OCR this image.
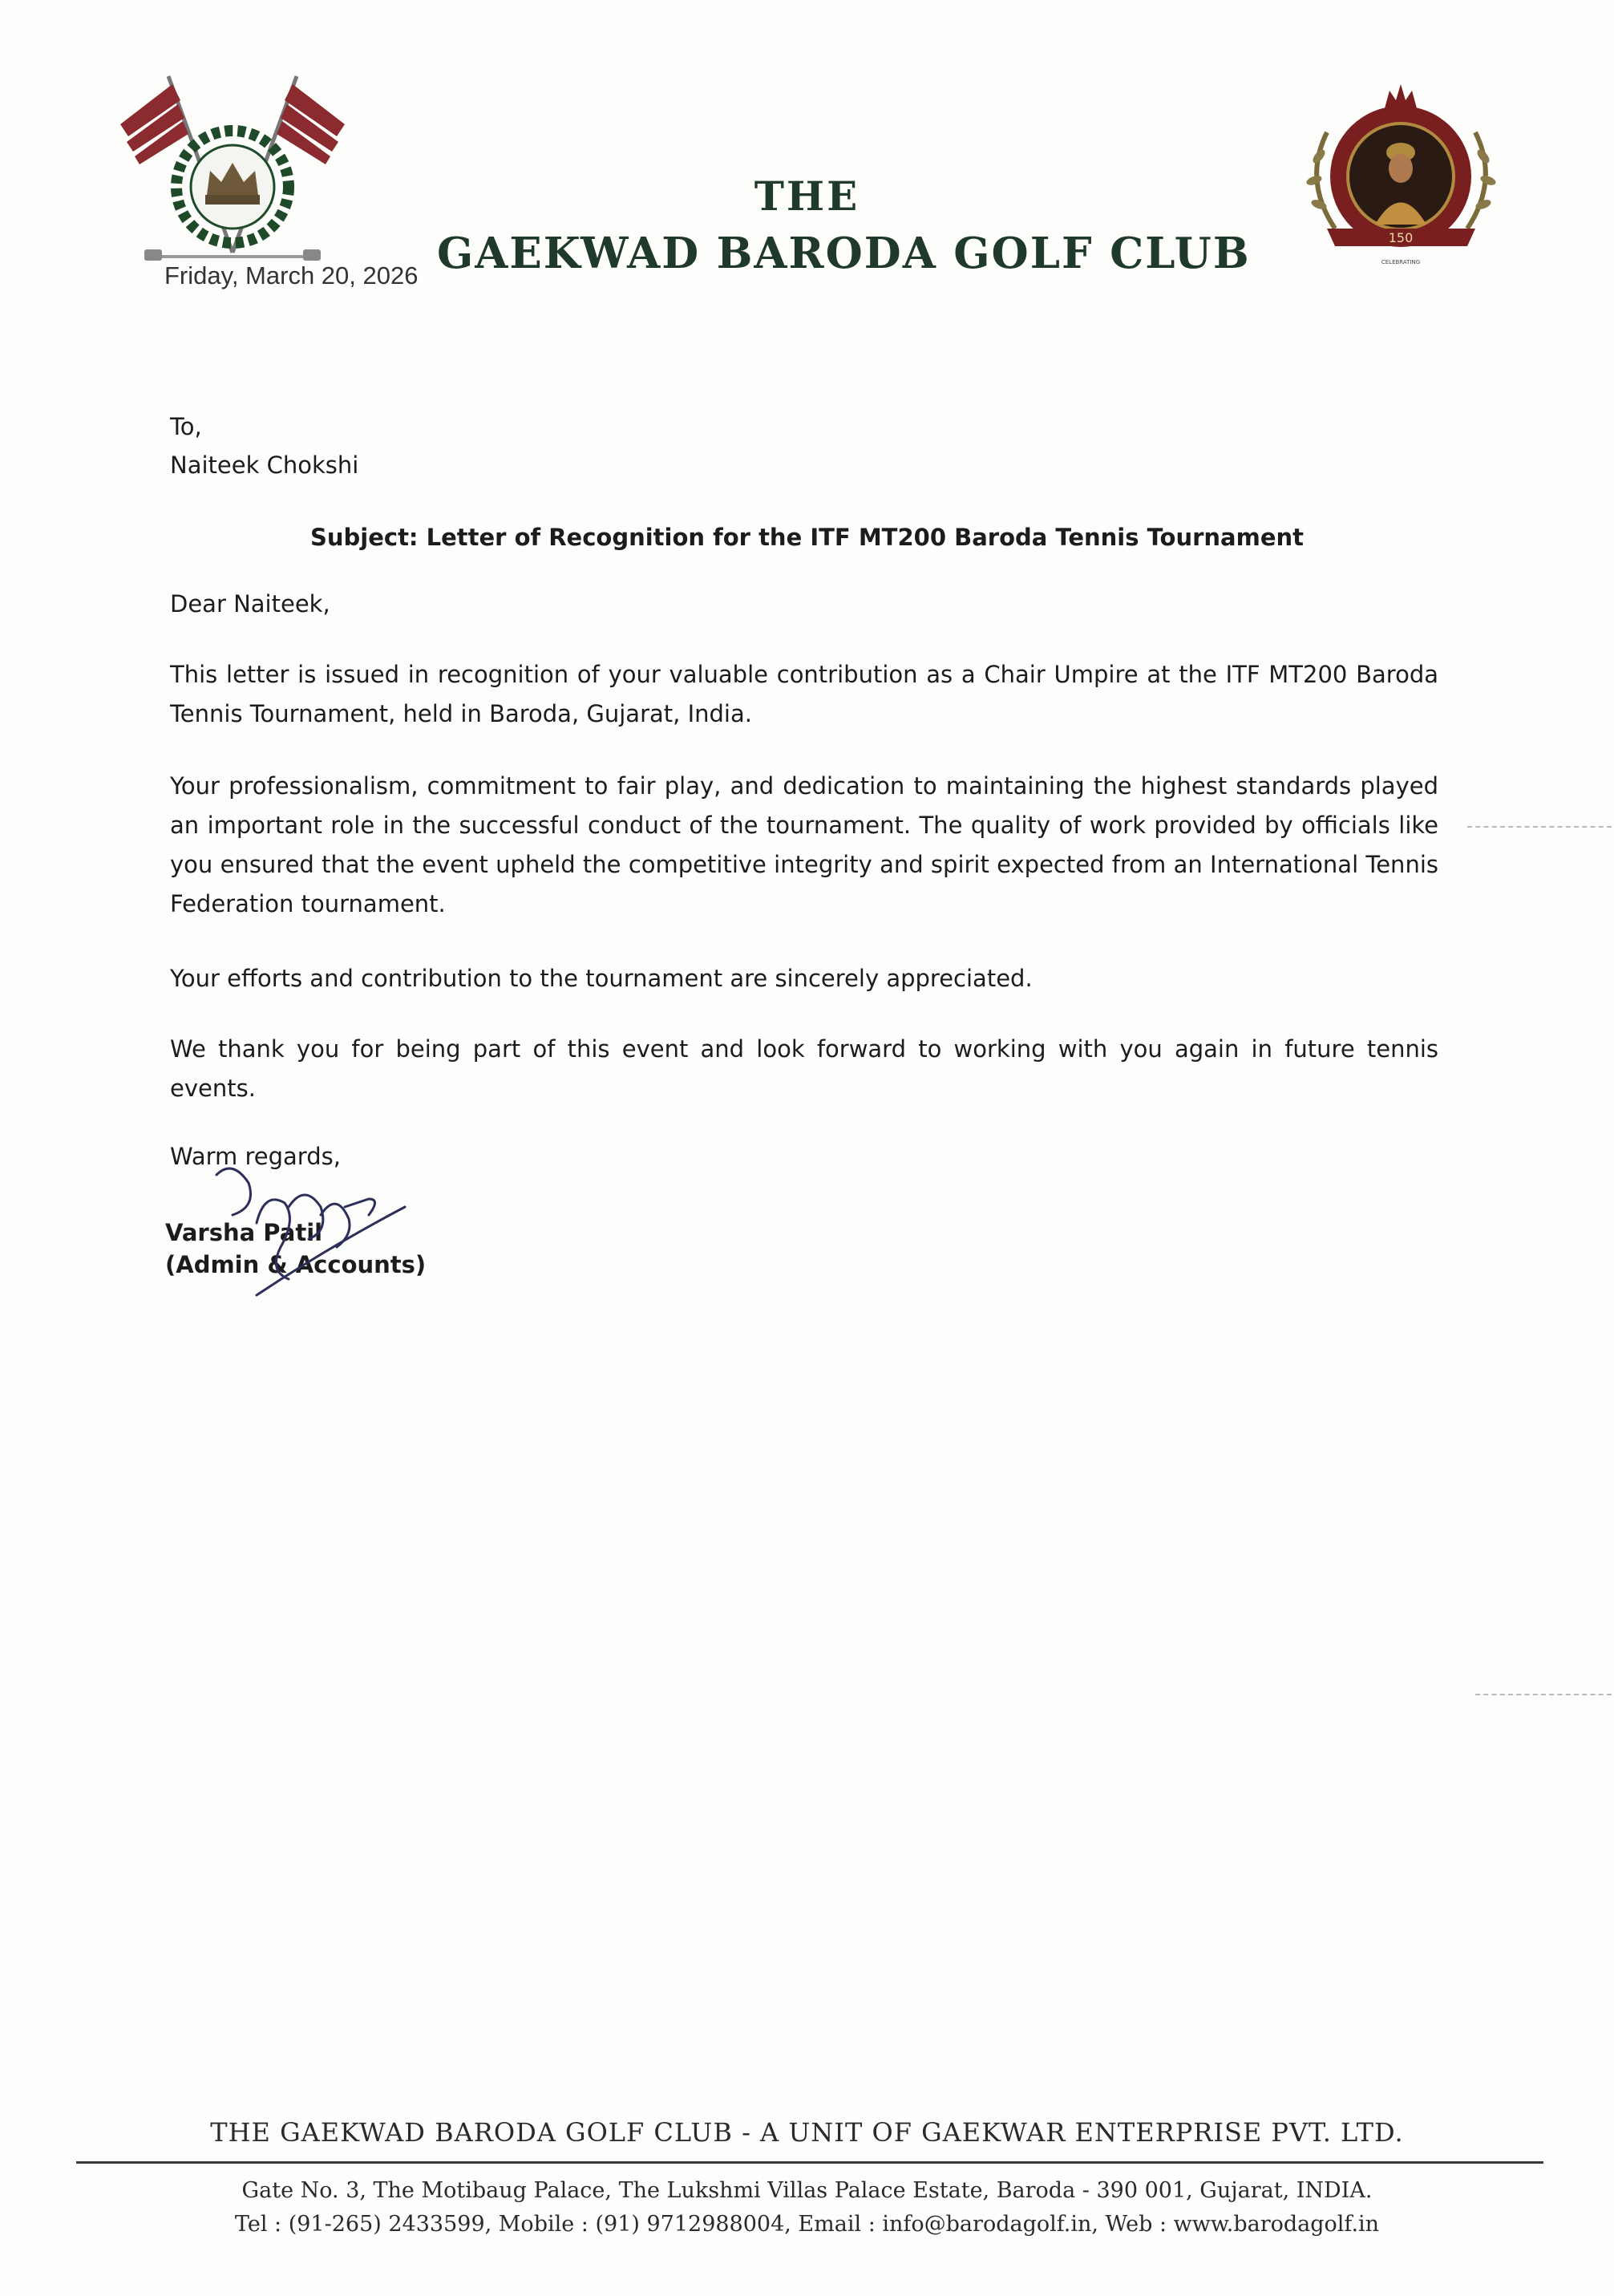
THE
Friday, March 20, 2026 GAEKWAD BARODA GOLF CLUB	150
CELEBRATING
To,
Naiteek Chokshi
Subject: Letter of Recognition for the ITF MT200 Baroda Tennis Tournament
Dear Naiteek,
This letter is issued in recognition of your valuable contribution as a Chair Umpire at the ITF MT200 Baroda Tennis Tournament, held in Baroda, Gujarat, India.
Your professionalism, commitment to fair play, and dedication to maintaining the highest standards played an important role in the successful conduct of the tournament. The quality of work provided by officials like you ensured that the event upheld the competitive integrity and spirit expected from an International Tennis Federation tournament.
Your efforts and contribution to the tournament are sincerely appreciated.
We thank you for being part of this event and look forward to working with you again in future tennis events.
Warm regards,
Varsha Patil
(Admin & Accounts)
THE GAEKWAD BARODA GOLF CLUB - A UNIT OF GAEKWAR ENTERPRISE PVT. LTD.
Gate No. 3, The Motibaug Palace, The Lukshmi Villas Palace Estate, Baroda - 390 001, Gujarat, INDIA.
Tel : (91-265) 2433599, Mobile : (91) 9712988004, Email : info@barodagolf.in, Web : www.barodagolf.in
